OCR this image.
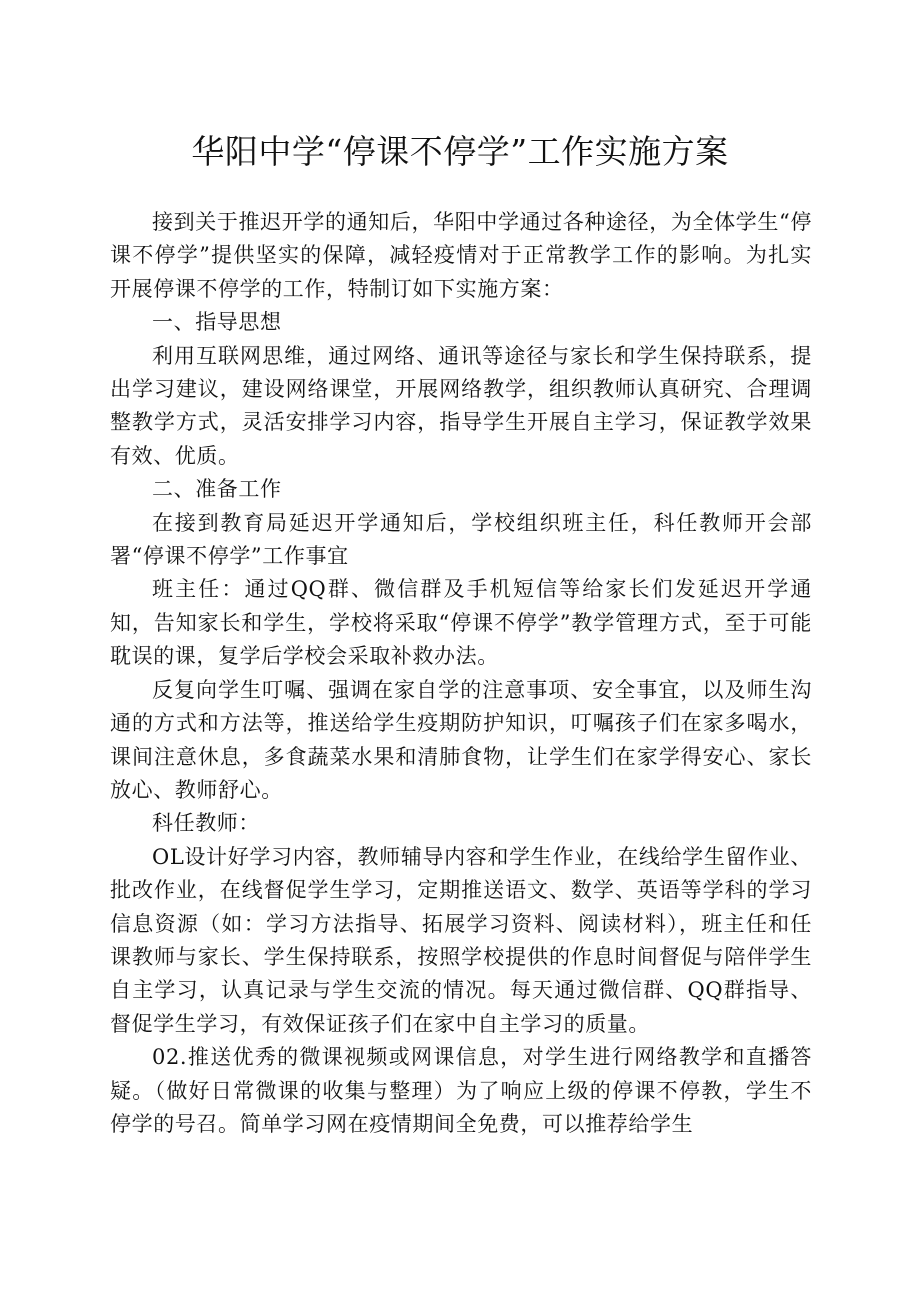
华阳中学“停课不停学”工作实施方案

接到关于推迟开学的通知后，华阳中学通过各种途径，为全体学生“停课不停学”提供坚实的保障，减轻疫情对于正常教学工作的影响。为扎实开展停课不停学的工作，特制订如下实施方案：

一、指导思想

利用互联网思维，通过网络、通讯等途径与家长和学生保持联系，提出学习建议，建设网络课堂，开展网络教学，组织教师认真研究、合理调整教学方式，灵活安排学习内容，指导学生开展自主学习，保证教学效果有效、优质。

二、准备工作

在接到教育局延迟开学通知后，学校组织班主任，科任教师开会部署“停课不停学”工作事宜

班主任：通过QQ群、微信群及手机短信等给家长们发延迟开学通知，告知家长和学生，学校将采取“停课不停学”教学管理方式，至于可能耽误的课，复学后学校会采取补救办法。

反复向学生叮嘱、强调在家自学的注意事项、安全事宜，以及师生沟通的方式和方法等，推送给学生疫期防护知识，叮嘱孩子们在家多喝水，课间注意休息，多食蔬菜水果和清肺食物，让学生们在家学得安心、家长放心、教师舒心。

科任教师：

OL设计好学习内容，教师辅导内容和学生作业，在线给学生留作业、批改作业，在线督促学生学习，定期推送语文、数学、英语等学科的学习信息资源（如：学习方法指导、拓展学习资料、阅读材料），班主任和任课教师与家长、学生保持联系，按照学校提供的作息时间督促与陪伴学生自主学习，认真记录与学生交流的情况。每天通过微信群、QQ群指导、督促学生学习，有效保证孩子们在家中自主学习的质量。

02.推送优秀的微课视频或网课信息，对学生进行网络教学和直播答疑。（做好日常微课的收集与整理）为了响应上级的停课不停教，学生不停学的号召。简单学习网在疫情期间全免费，可以推荐给学生
